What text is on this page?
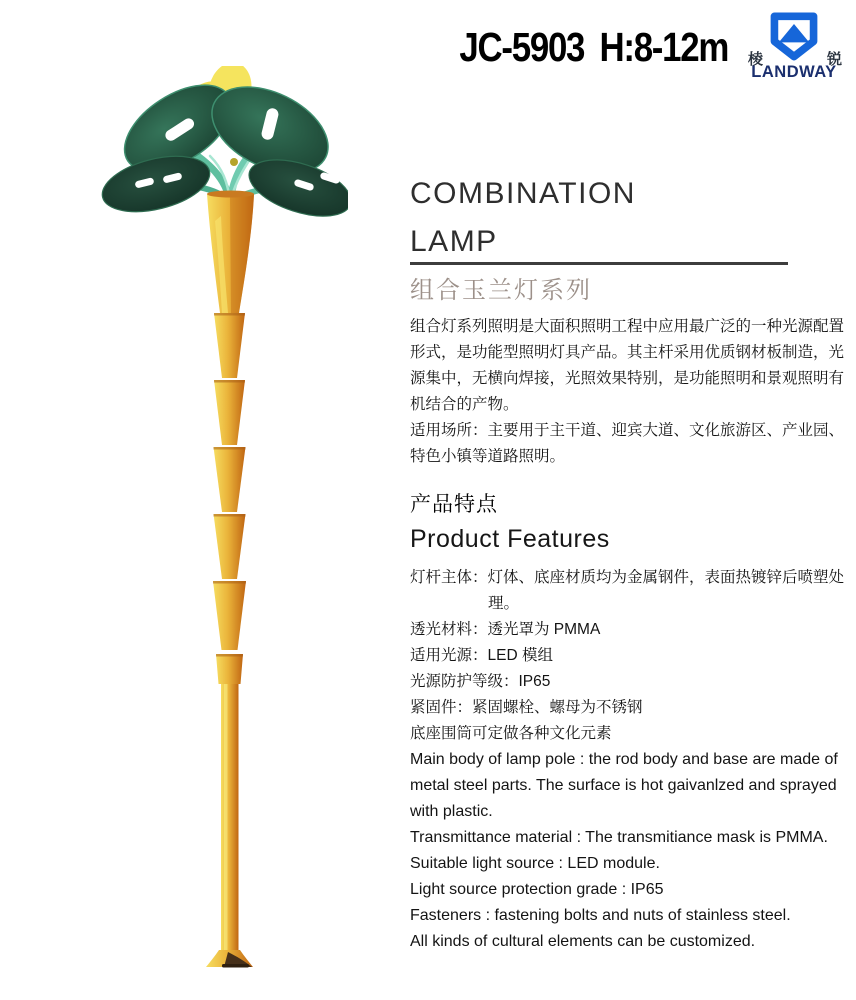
JC-5903 H:8-12m 棱	锐
LANDWAY
COMBINATION
LAMP
组合玉兰灯系列

组合灯系列照明是大面积照明工程中应用最广泛的一种光源配置形式，是功能型照明灯具产品。其主杆采用优质钢材板制造，光源集中，无横向焊接，光照效果特别，是功能照明和景观照明有机结合的产物。

适用场所：主要用于主干道、迎宾大道、文化旅游区、产业园、特色小镇等道路照明。

产品特点
Product Features

灯杆主体：灯体、底座材质均为金属钢件，表面热镀锌后喷塑处理。

透光材料：透光罩为 PMMA

适用光源：LED 模组

光源防护等级：IP65

紧固件：紧固螺栓、螺母为不锈钢

底座围筒可定做各种文化元素

Main body of lamp pole : the rod body and base are made of metal steel parts. The surface is hot gaivanlzed and sprayed with plastic.

Transmittance material : The transmitiance mask is PMMA.

Suitable light source : LED module.

Light source protection grade : IP65

Fasteners : fastening bolts and nuts of stainless steel.

All kinds of cultural elements can be customized.
